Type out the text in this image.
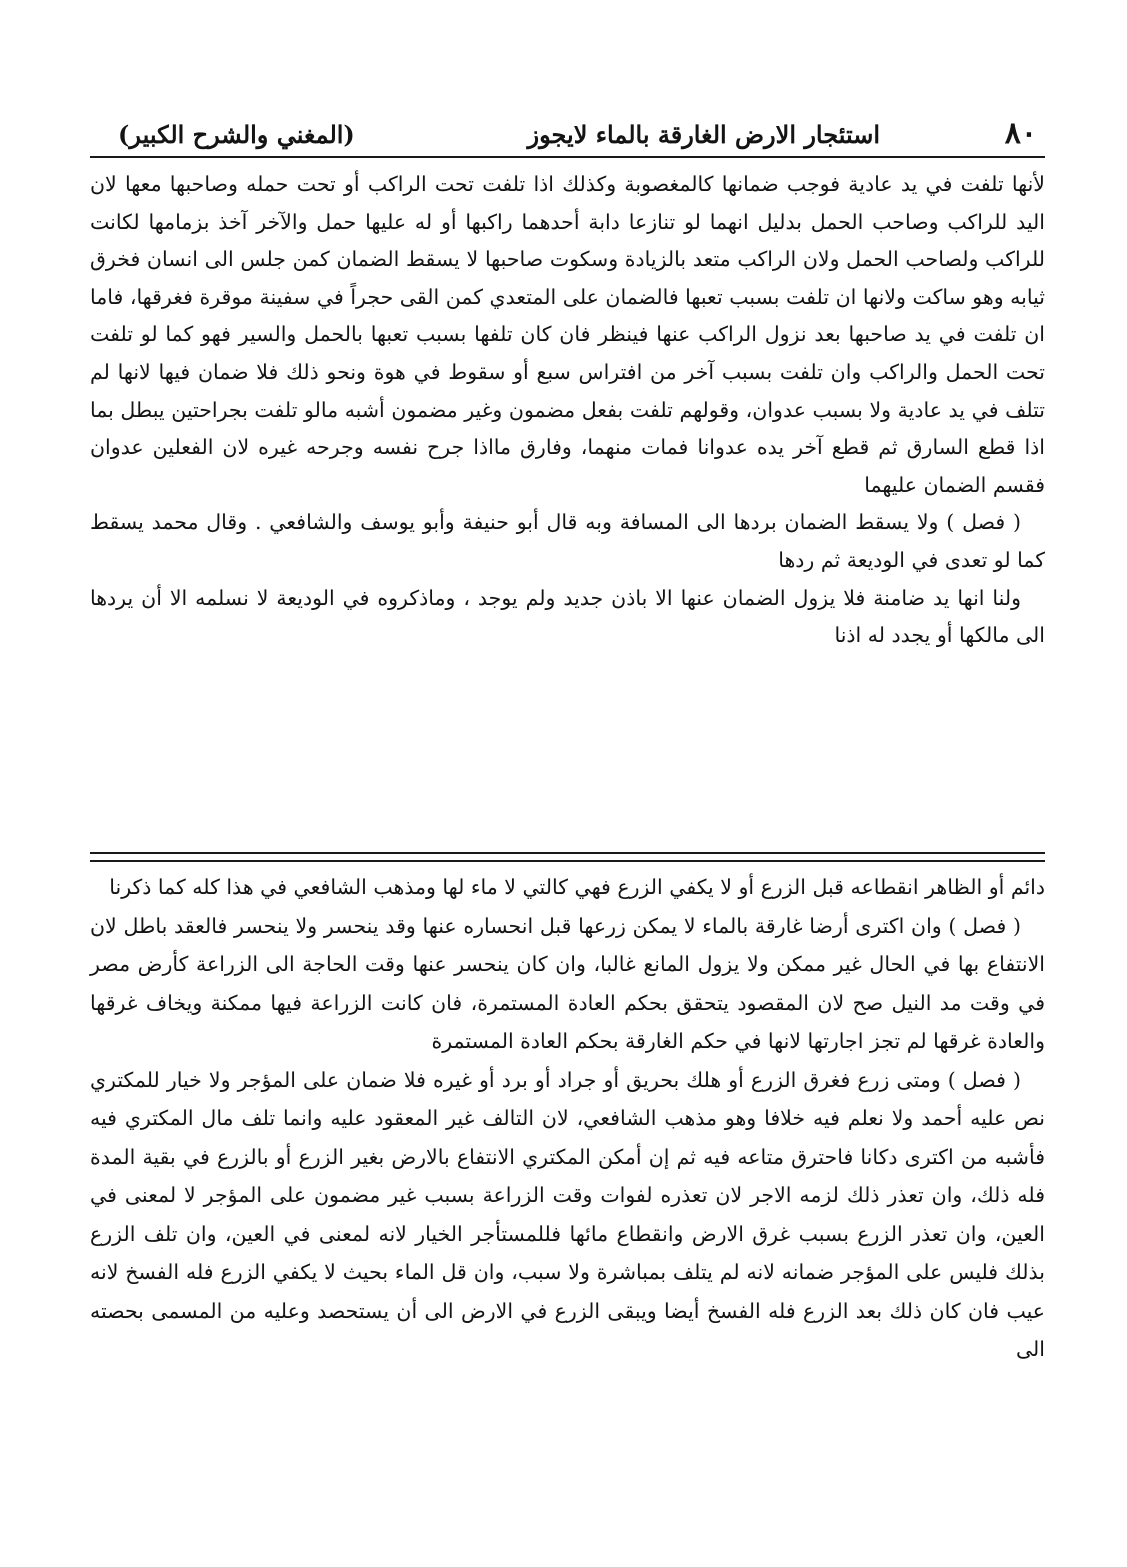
٨٠
استئجار الارض الغارقة بالماء لايجوز
(المغني والشرح الكبير)

لأنها تلفت في يد عادية فوجب ضمانها كالمغصوبة وكذلك اذا تلفت تحت الراكب أو تحت حمله وصاحبها معها لان اليد للراكب وصاحب الحمل بدليل انهما لو تنازعا دابة أحدهما راكبها أو له عليها حمل والآخر آخذ بزمامها لكانت للراكب ولصاحب الحمل ولان الراكب متعد بالزيادة وسكوت صاحبها لا يسقط الضمان كمن جلس الى انسان فخرق ثيابه وهو ساكت ولانها ان تلفت بسبب تعبها فالضمان على المتعدي كمن القى حجراً في سفينة موقرة فغرقها، فاما ان تلفت في يد صاحبها بعد نزول الراكب عنها فينظر فان كان تلفها بسبب تعبها بالحمل والسير فهو كما لو تلفت تحت الحمل والراكب وان تلفت بسبب آخر من افتراس سبع أو سقوط في هوة ونحو ذلك فلا ضمان فيها لانها لم تتلف في يد عادية ولا بسبب عدوان، وقولهم تلفت بفعل مضمون وغير مضمون أشبه مالو تلفت بجراحتين يبطل بما اذا قطع السارق ثم قطع آخر يده عدوانا فمات منهما، وفارق مااذا جرح نفسه وجرحه غيره لان الفعلين عدوان فقسم الضمان عليهما

( فصل ) ولا يسقط الضمان بردها الى المسافة وبه قال أبو حنيفة وأبو يوسف والشافعي . وقال محمد يسقط كما لو تعدى في الوديعة ثم ردها

ولنا انها يد ضامنة فلا يزول الضمان عنها الا باذن جديد ولم يوجد ، وماذكروه في الوديعة لا نسلمه الا أن يردها الى مالكها أو يجدد له اذنا

دائم أو الظاهر انقطاعه قبل الزرع أو لا يكفي الزرع فهي كالتي لا ماء لها ومذهب الشافعي في هذا كله كما ذكرنا

( فصل ) وان اكترى أرضا غارقة بالماء لا يمكن زرعها قبل انحساره عنها وقد ينحسر ولا ينحسر فالعقد باطل لان الانتفاع بها في الحال غير ممكن ولا يزول المانع غالبا، وان كان ينحسر عنها وقت الحاجة الى الزراعة كأرض مصر في وقت مد النيل صح لان المقصود يتحقق بحكم العادة المستمرة، فان كانت الزراعة فيها ممكنة ويخاف غرقها والعادة غرقها لم تجز اجارتها لانها في حكم الغارقة بحكم العادة المستمرة

( فصل ) ومتى زرع فغرق الزرع أو هلك بحريق أو جراد أو برد أو غيره فلا ضمان على المؤجر ولا خيار للمكتري نص عليه أحمد ولا نعلم فيه خلافا وهو مذهب الشافعي، لان التالف غير المعقود عليه وانما تلف مال المكتري فيه فأشبه من اكترى دكانا فاحترق متاعه فيه ثم إن أمكن المكتري الانتفاع بالارض بغير الزرع أو بالزرع في بقية المدة فله ذلك، وان تعذر ذلك لزمه الاجر لان تعذره لفوات وقت الزراعة بسبب غير مضمون على المؤجر لا لمعنى في العين، وان تعذر الزرع بسبب غرق الارض وانقطاع مائها فللمستأجر الخيار لانه لمعنى في العين، وان تلف الزرع بذلك فليس على المؤجر ضمانه لانه لم يتلف بمباشرة ولا سبب، وان قل الماء بحيث لا يكفي الزرع فله الفسخ لانه عيب فان كان ذلك بعد الزرع فله الفسخ أيضا ويبقى الزرع في الارض الى أن يستحصد وعليه من المسمى بحصته الى
